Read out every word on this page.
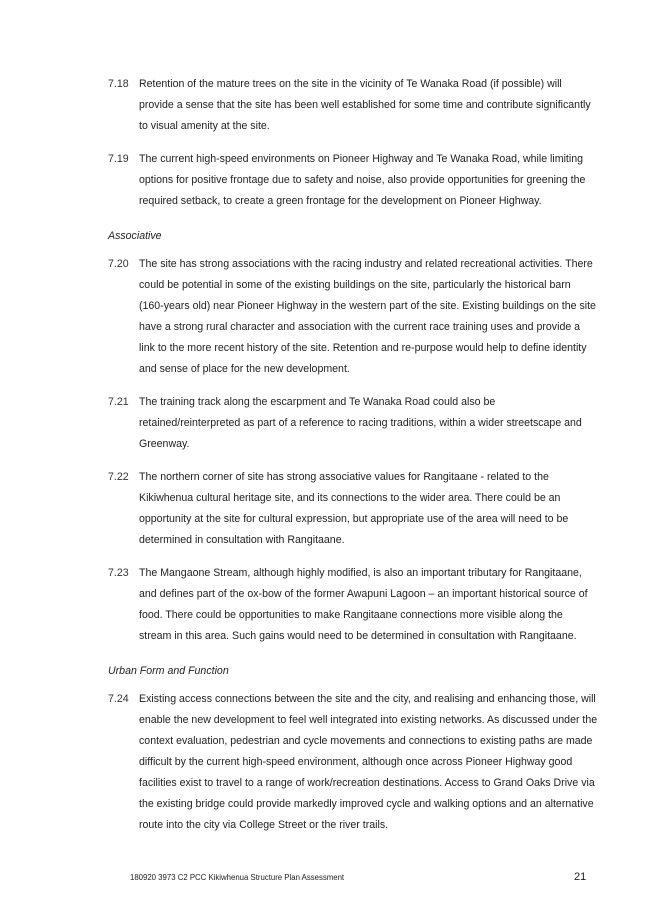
7.18 Retention of the mature trees on the site in the vicinity of Te Wanaka Road (if possible) will provide a sense that the site has been well established for some time and contribute significantly to visual amenity at the site.
7.19 The current high-speed environments on Pioneer Highway and Te Wanaka Road, while limiting options for positive frontage due to safety and noise, also provide opportunities for greening the required setback, to create a green frontage for the development on Pioneer Highway.
Associative
7.20 The site has strong associations with the racing industry and related recreational activities. There could be potential in some of the existing buildings on the site, particularly the historical barn (160-years old) near Pioneer Highway in the western part of the site. Existing buildings on the site have a strong rural character and association with the current race training uses and provide a link to the more recent history of the site. Retention and re-purpose would help to define identity and sense of place for the new development.
7.21 The training track along the escarpment and Te Wanaka Road could also be retained/reinterpreted as part of a reference to racing traditions, within a wider streetscape and Greenway.
7.22 The northern corner of site has strong associative values for Rangitaane - related to the Kikiwhenua cultural heritage site, and its connections to the wider area. There could be an opportunity at the site for cultural expression, but appropriate use of the area will need to be determined in consultation with Rangitaane.
7.23 The Mangaone Stream, although highly modified, is also an important tributary for Rangitaane, and defines part of the ox-bow of the former Awapuni Lagoon – an important historical source of food. There could be opportunities to make Rangitaane connections more visible along the stream in this area. Such gains would need to be determined in consultation with Rangitaane.
Urban Form and Function
7.24 Existing access connections between the site and the city, and realising and enhancing those, will enable the new development to feel well integrated into existing networks. As discussed under the context evaluation, pedestrian and cycle movements and connections to existing paths are made difficult by the current high-speed environment, although once across Pioneer Highway good facilities exist to travel to a range of work/recreation destinations. Access to Grand Oaks Drive via the existing bridge could provide markedly improved cycle and walking options and an alternative route into the city via College Street or the river trails.
180920 3973 C2 PCC Kikiwhenua Structure Plan Assessment	21
